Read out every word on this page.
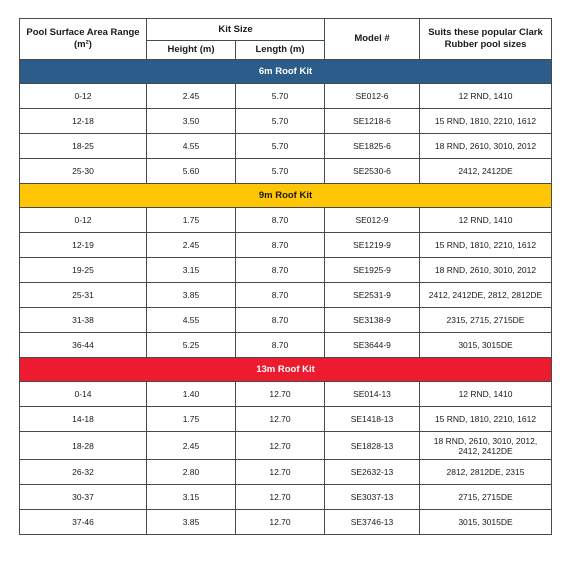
Pool Surface Area Range (m²)	Kit Size		Model #	Suits these popular Clark Rubber pool sizes
	Height (m)	Length (m)		
6m Roof Kit				
0-12	2.45	5.70	SE012-6	12 RND, 1410
12-18	3.50	5.70	SE1218-6	15 RND, 1810, 2210, 1612
18-25	4.55	5.70	SE1825-6	18 RND, 2610, 3010, 2012
25-30	5.60	5.70	SE2530-6	2412, 2412DE
9m Roof Kit				
0-12	1.75	8.70	SE012-9	12 RND, 1410
12-19	2.45	8.70	SE1219-9	15 RND, 1810, 2210, 1612
19-25	3.15	8.70	SE1925-9	18 RND, 2610, 3010, 2012
25-31	3.85	8.70	SE2531-9	2412, 2412DE, 2812, 2812DE
31-38	4.55	8.70	SE3138-9	2315, 2715, 2715DE
36-44	5.25	8.70	SE3644-9	3015, 3015DE
13m Roof Kit				
0-14	1.40	12.70	SE014-13	12 RND, 1410
14-18	1.75	12.70	SE1418-13	15 RND, 1810, 2210, 1612
18-28	2.45	12.70	SE1828-13	18 RND, 2610, 3010, 2012, 2412, 2412DE
26-32	2.80	12.70	SE2632-13	2812, 2812DE, 2315
30-37	3.15	12.70	SE3037-13	2715, 2715DE
37-46	3.85	12.70	SE3746-13	3015, 3015DE
